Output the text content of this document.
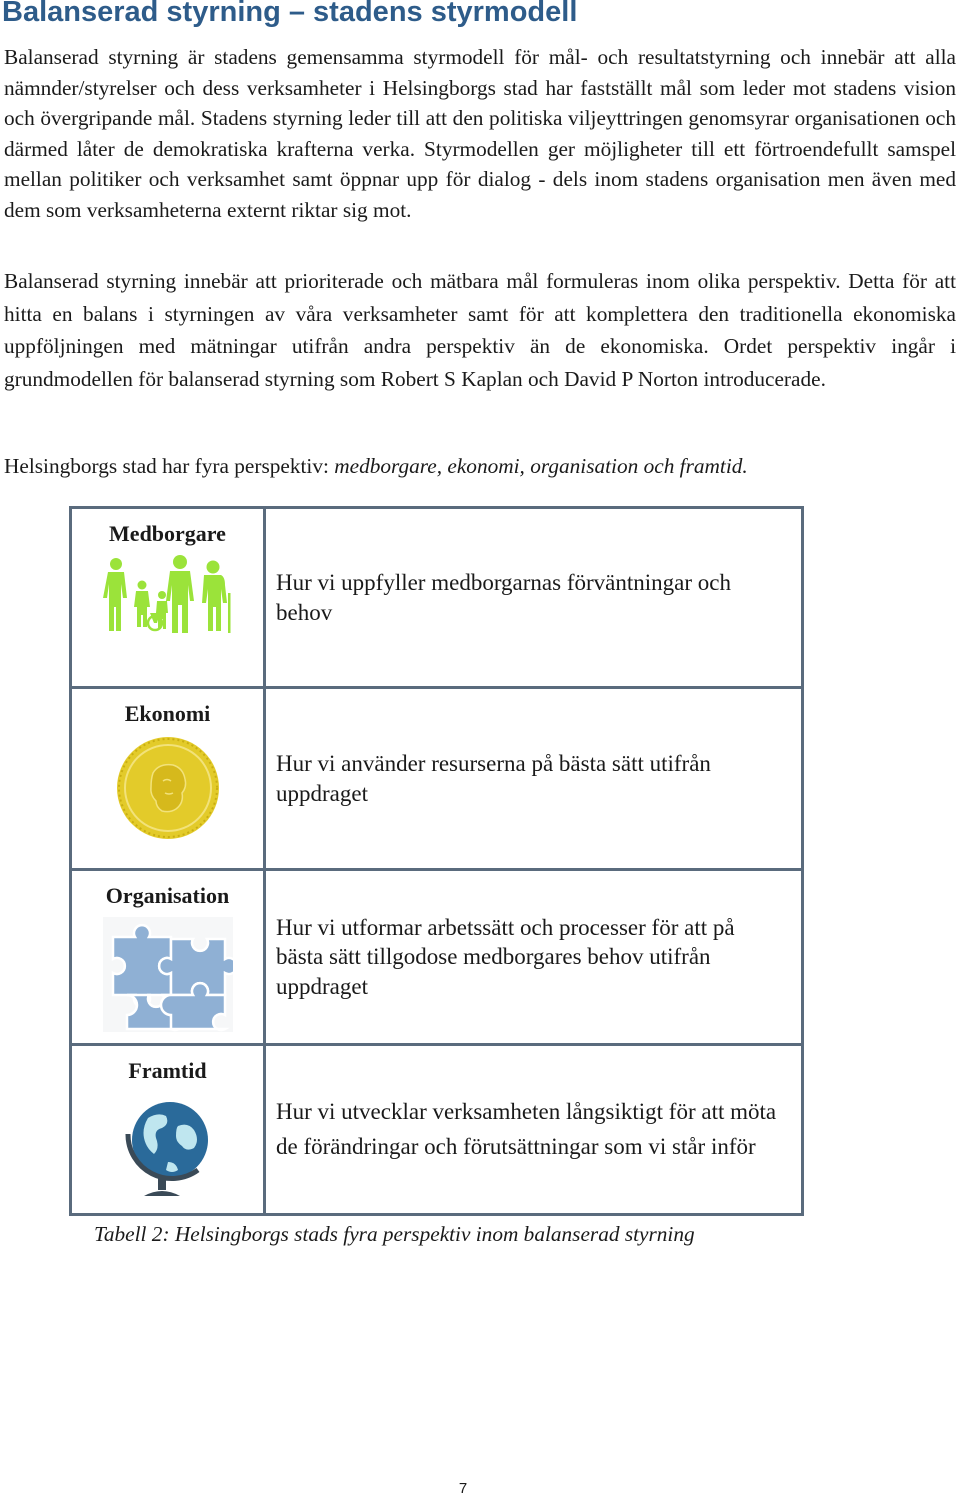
Balanserad styrning – stadens styrmodell

Balanserad styrning är stadens gemensamma styrmodell för mål- och resultatstyrning och innebär att alla nämnder/styrelser och dess verksamheter i Helsingborgs stad har fastställt mål som leder mot stadens vision och övergripande mål. Stadens styrning leder till att den politiska viljeyttringen genomsyrar organisationen och därmed låter de demokratiska krafterna verka. Styrmodellen ger möjligheter till ett förtroendefullt samspel mellan politiker och verksamhet samt öppnar upp för dialog - dels inom stadens organisation men även med dem som verksamheterna externt riktar sig mot.

Balanserad styrning innebär att prioriterade och mätbara mål formuleras inom olika perspektiv. Detta för att hitta en balans i styrningen av våra verksamheter samt för att komplettera den traditionella ekonomiska uppföljningen med mätningar utifrån andra perspektiv än de ekonomiska. Ordet perspektiv ingår i grundmodellen för balanserad styrning som Robert S Kaplan och David P Norton introducerade.

Helsingborgs stad har fyra perspektiv: medborgare, ekonomi, organisation och framtid.

Medborgare	Hur vi uppfyller medborgarnas förväntningar och behov

Ekonomi	Hur vi använder resurserna på bästa sätt utifrån uppdraget

Organisation	Hur vi utformar arbetssätt och processer för att på bästa sätt tillgodose medborgares behov utifrån uppdraget

Framtid	Hur vi utvecklar verksamheten långsiktigt för att möta de förändringar och förutsättningar som vi står inför

Tabell 2: Helsingborgs stads fyra perspektiv inom balanserad styrning

7
